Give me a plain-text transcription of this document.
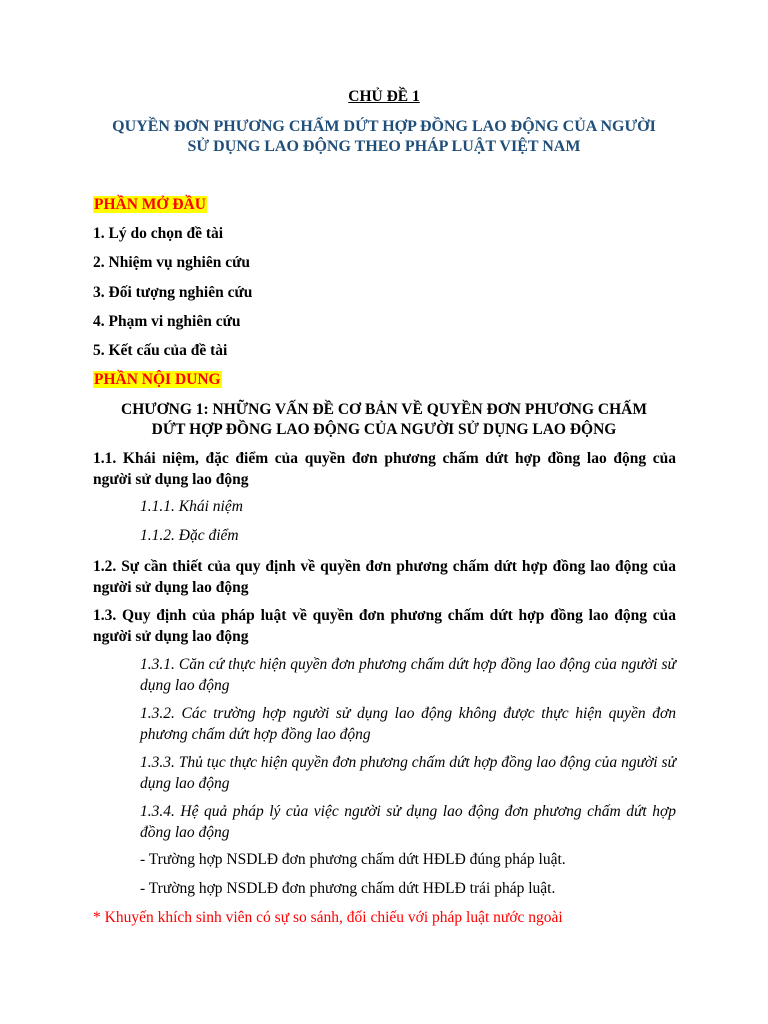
CHỦ ĐỀ 1
QUYỀN ĐƠN PHƯƠNG CHẤM DỨT HỢP ĐỒNG LAO ĐỘNG CỦA NGƯỜI
SỬ DỤNG LAO ĐỘNG THEO PHÁP LUẬT VIỆT NAM
PHẦN MỞ ĐẦU
1. Lý do chọn đề tài
2. Nhiệm vụ nghiên cứu
3. Đối tượng nghiên cứu
4. Phạm vi nghiên cứu
5. Kết cấu của đề tài
PHẦN NỘI DUNG
CHƯƠNG 1: NHỮNG VẤN ĐỀ CƠ BẢN VỀ QUYỀN ĐƠN PHƯƠNG CHẤM
DỨT HỢP ĐỒNG LAO ĐỘNG CỦA NGƯỜI SỬ DỤNG LAO ĐỘNG
1.1. Khái niệm, đặc điểm của quyền đơn phương chấm dứt hợp đồng lao động của người sử dụng lao động
1.1.1. Khái niệm
1.1.2. Đặc điểm
1.2. Sự cần thiết của quy định về quyền đơn phương chấm dứt hợp đồng lao động của người sử dụng lao động
1.3. Quy định của pháp luật về quyền đơn phương chấm dứt hợp đồng lao động của người sử dụng lao động
1.3.1. Căn cứ thực hiện quyền đơn phương chấm dứt hợp đồng lao động của người sử dụng lao động
1.3.2. Các trường hợp người sử dụng lao động không được thực hiện quyền đơn phương chấm dứt hợp đồng lao động
1.3.3. Thủ tục thực hiện quyền đơn phương chấm dứt hợp đồng lao động của người sử dụng lao động
1.3.4. Hệ quả pháp lý của việc người sử dụng lao động đơn phương chấm dứt hợp đồng lao động
- Trường hợp NSDLĐ đơn phương chấm dứt HĐLĐ đúng pháp luật.
- Trường hợp NSDLĐ đơn phương chấm dứt HĐLĐ trái pháp luật.
* Khuyến khích sinh viên có sự so sánh, đối chiếu với pháp luật nước ngoài
